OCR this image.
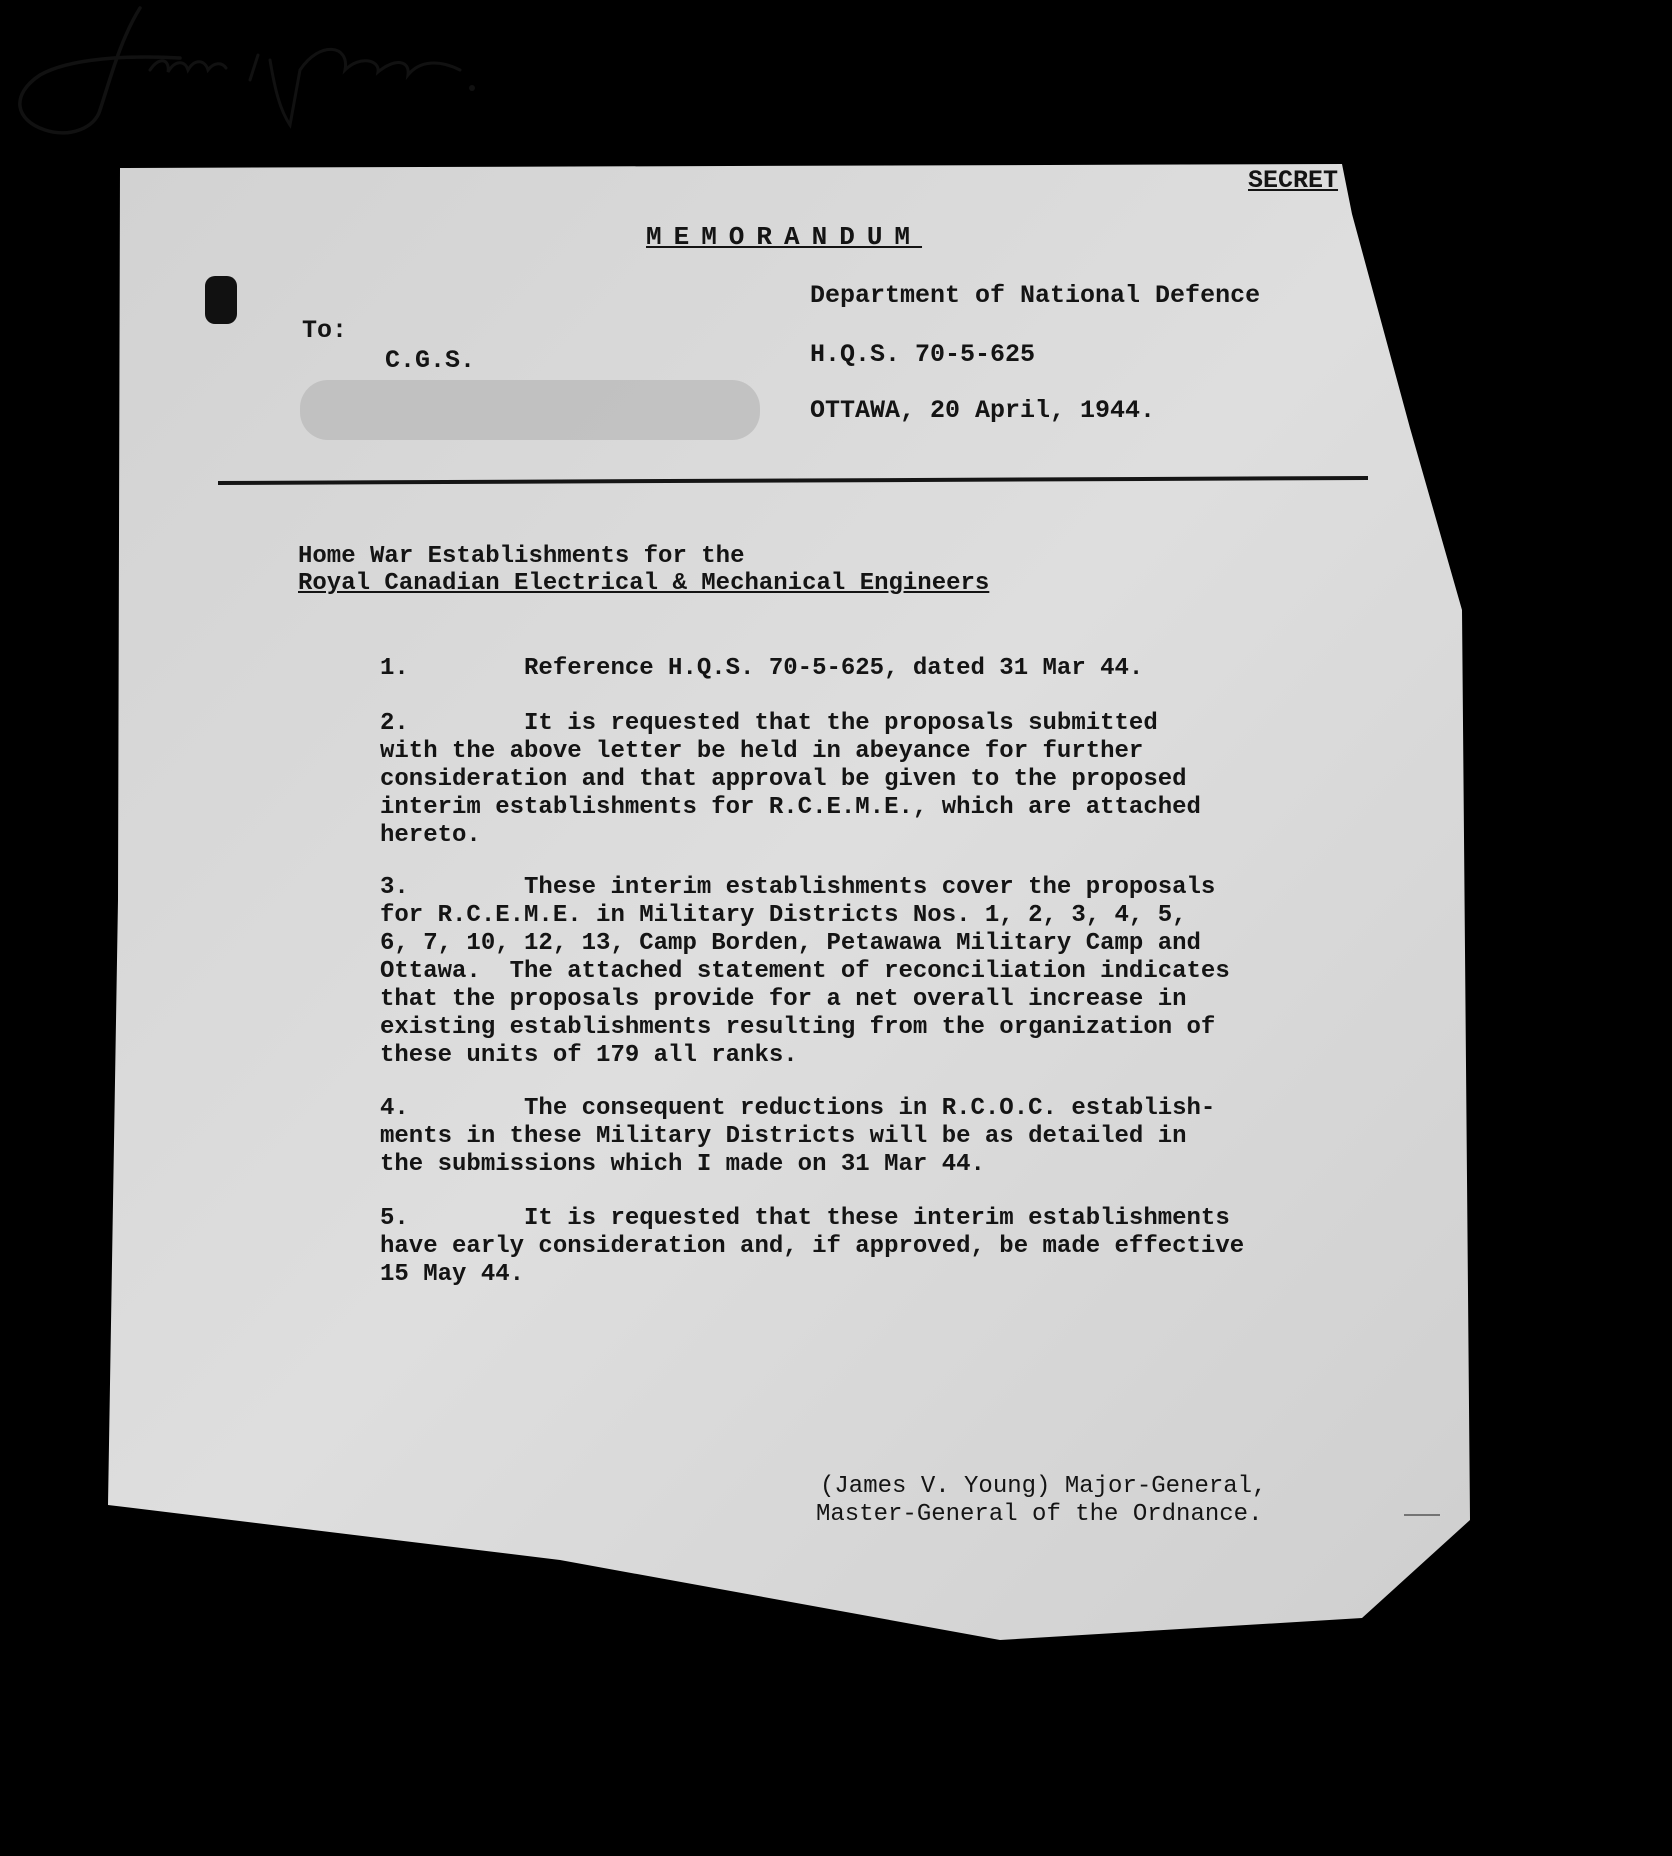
SECRET
MEMORANDUM
Department of National Defence
To:
C.G.S.	H.Q.S. 70-5-625
OTTAWA, 20 April, 1944.
Home War Establishments for the
Royal Canadian Electrical & Mechanical Engineers
1.        Reference H.Q.S. 70-5-625, dated 31 Mar 44.
2.        It is requested that the proposals submitted
with the above letter be held in abeyance for further
consideration and that approval be given to the proposed
interim establishments for R.C.E.M.E., which are attached
hereto.
3.        These interim establishments cover the proposals
for R.C.E.M.E. in Military Districts Nos. 1, 2, 3, 4, 5,
6, 7, 10, 12, 13, Camp Borden, Petawawa Military Camp and
Ottawa.  The attached statement of reconciliation indicates
that the proposals provide for a net overall increase in
existing establishments resulting from the organization of
these units of 179 all ranks.
4.        The consequent reductions in R.C.O.C. establish-
ments in these Military Districts will be as detailed in
the submissions which I made on 31 Mar 44.
5.        It is requested that these interim establishments
have early consideration and, if approved, be made effective
15 May 44.
(James V. Young) Major-General,
Master-General of the Ordnance.
